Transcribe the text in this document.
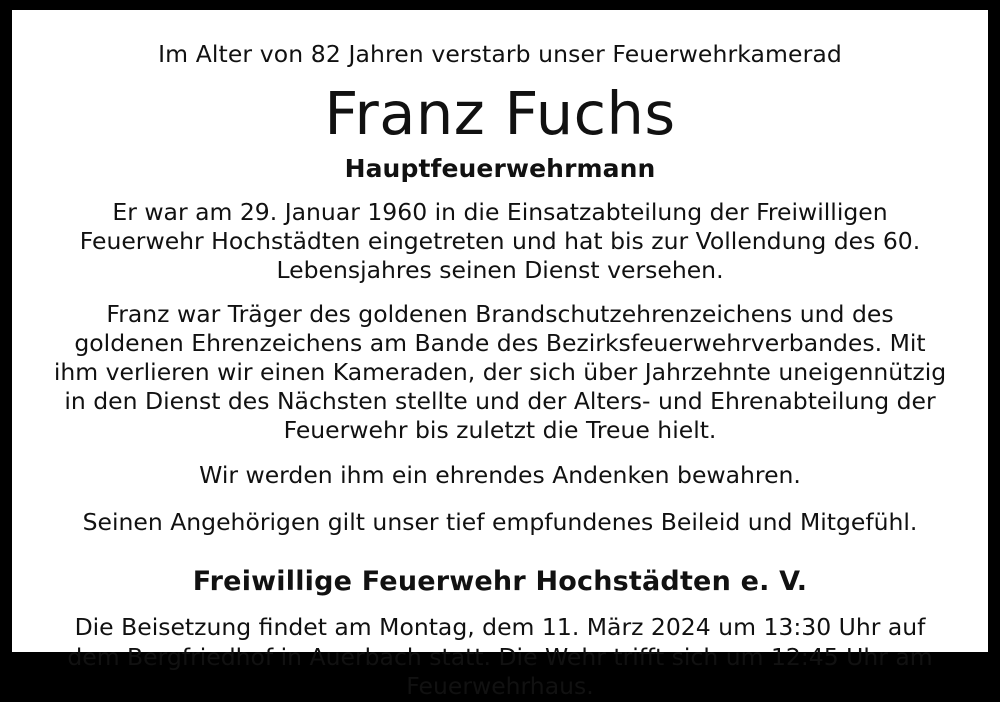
Im Alter von 82 Jahren verstarb unser Feuerwehrkamerad
Franz Fuchs
Hauptfeuerwehrmann
Er war am 29. Januar 1960 in die Einsatzabteilung der Freiwilligen Feuerwehr Hochstädten eingetreten und hat bis zur Vollendung des 60. Lebensjahres seinen Dienst versehen.
Franz war Träger des goldenen Brandschutzehrenzeichens und des goldenen Ehrenzeichens am Bande des Bezirksfeuerwehrverbandes. Mit ihm verlieren wir einen Kameraden, der sich über Jahrzehnte uneigennützig in den Dienst des Nächsten stellte und der Alters- und Ehrenabteilung der Feuerwehr bis zuletzt die Treue hielt.
Wir werden ihm ein ehrendes Andenken bewahren.
Seinen Angehörigen gilt unser tief empfundenes Beileid und Mitgefühl.
Freiwillige Feuerwehr Hochstädten e. V.
Die Beisetzung findet am Montag, dem 11. März 2024 um 13:30 Uhr auf dem Bergfriedhof in Auerbach statt. Die Wehr trifft sich um 12:45 Uhr am Feuerwehrhaus.
